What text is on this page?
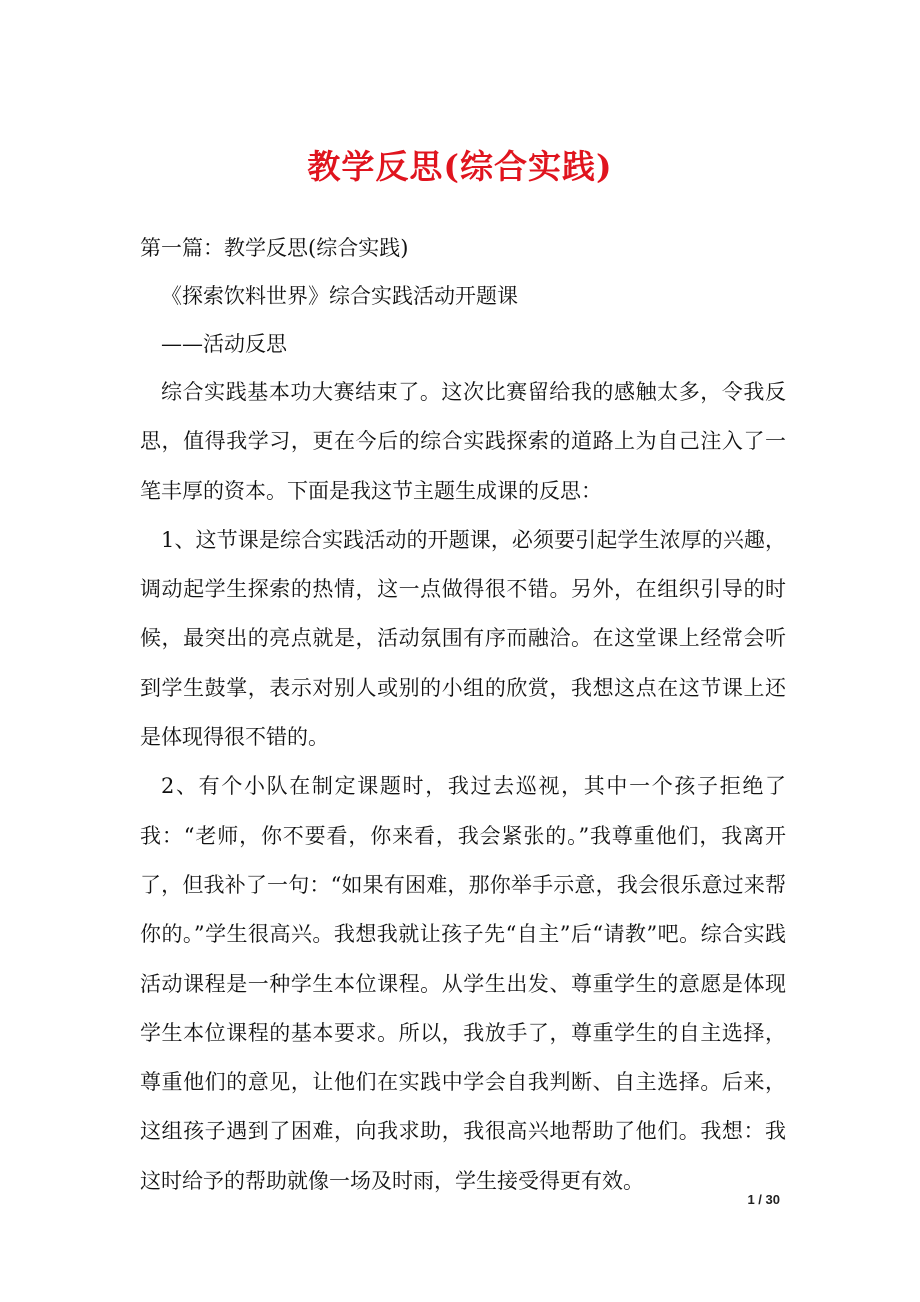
教学反思(综合实践)
第一篇：教学反思(综合实践)
《探索饮料世界》综合实践活动开题课
——活动反思

综合实践基本功大赛结束了。这次比赛留给我的感触太多，令我反思，值得我学习，更在今后的综合实践探索的道路上为自己注入了一笔丰厚的资本。下面是我这节主题生成课的反思：

1、这节课是综合实践活动的开题课，必须要引起学生浓厚的兴趣，调动起学生探索的热情，这一点做得很不错。另外，在组织引导的时候，最突出的亮点就是，活动氛围有序而融洽。在这堂课上经常会听到学生鼓掌，表示对别人或别的小组的欣赏，我想这点在这节课上还是体现得很不错的。

2、有个小队在制定课题时，我过去巡视，其中一个孩子拒绝了我：“老师，你不要看，你来看，我会紧张的。”我尊重他们，我离开了，但我补了一句：“如果有困难，那你举手示意，我会很乐意过来帮你的。”学生很高兴。我想我就让孩子先“自主”后“请教”吧。综合实践活动课程是一种学生本位课程。从学生出发、尊重学生的意愿是体现学生本位课程的基本要求。所以，我放手了，尊重学生的自主选择，尊重他们的意见，让他们在实践中学会自我判断、自主选择。后来，这组孩子遇到了困难，向我求助，我很高兴地帮助了他们。我想：我这时给予的帮助就像一场及时雨，学生接受得更有效。

1 / 30
